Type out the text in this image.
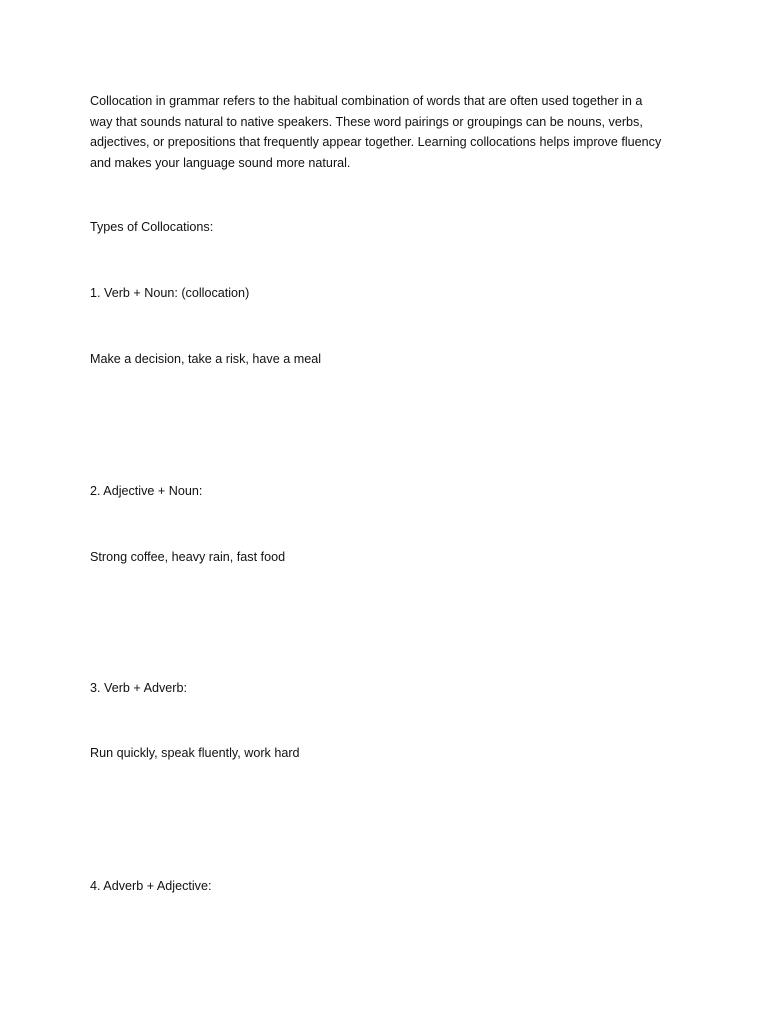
Collocation in grammar refers to the habitual combination of words that are often used together in a
way that sounds natural to native speakers. These word pairings or groupings can be nouns, verbs,
adjectives, or prepositions that frequently appear together. Learning collocations helps improve fluency
and makes your language sound more natural.

Types of Collocations:

1. Verb + Noun: (collocation)

Make a decision, take a risk, have a meal

2. Adjective + Noun:

Strong coffee, heavy rain, fast food

3. Verb + Adverb:

Run quickly, speak fluently, work hard

4. Adverb + Adjective:
